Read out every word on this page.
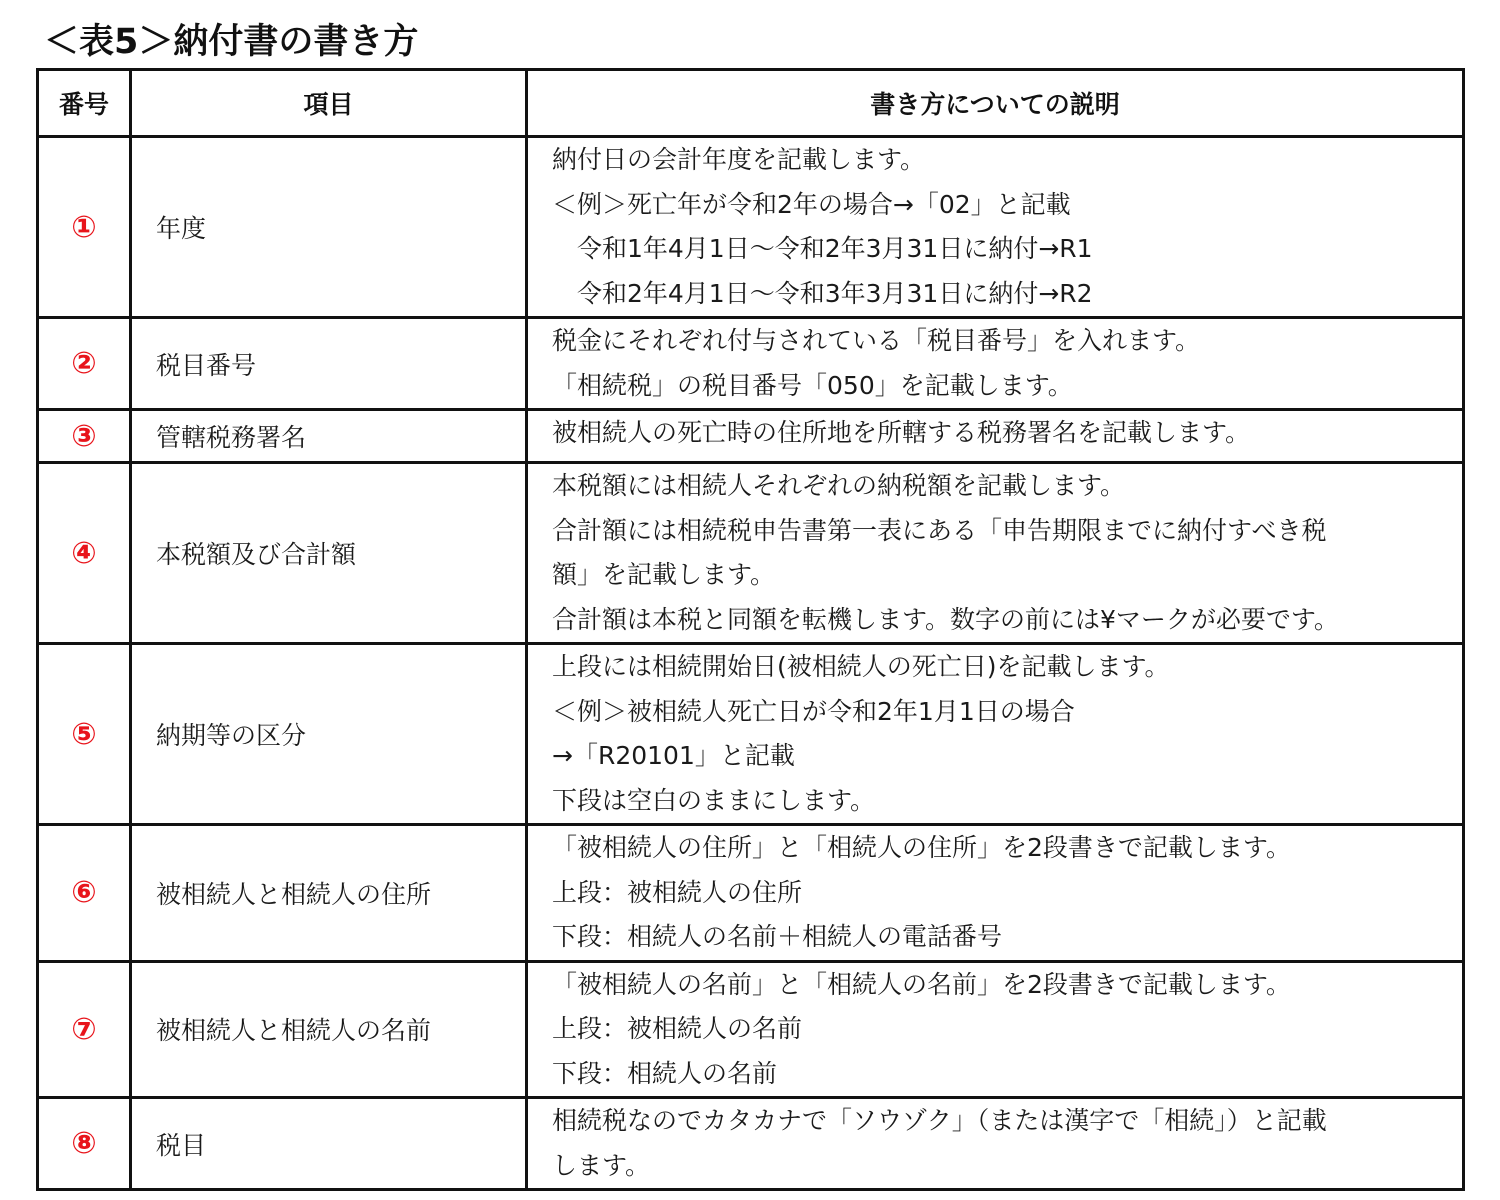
＜表5＞納付書の書き方
番号	項目	書き方についての説明
①	年度	納付日の会計年度を記載します。
＜例＞死亡年が令和2年の場合→「02」と記載
　令和1年4月1日～令和2年3月31日に納付→R1
　令和2年4月1日～令和3年3月31日に納付→R2

②	税目番号	税金にそれぞれ付与されている「税目番号」を入れます。
「相続税」の税目番号「050」を記載します。

③	管轄税務署名	被相続人の死亡時の住所地を所轄する税務署名を記載します。

④	本税額及び合計額	本税額には相続人それぞれの納税額を記載します。
合計額には相続税申告書第一表にある「申告期限までに納付すべき税
額」を記載します。
合計額は本税と同額を転機します。数字の前には¥マークが必要です。

⑤	納期等の区分	上段には相続開始日(被相続人の死亡日)を記載します。
＜例＞被相続人死亡日が令和2年1月1日の場合
→「R20101」と記載
下段は空白のままにします。

⑥	被相続人と相続人の住所	「被相続人の住所」と「相続人の住所」を2段書きで記載します。
上段：被相続人の住所
下段：相続人の名前＋相続人の電話番号

⑦	被相続人と相続人の名前	「被相続人の名前」と「相続人の名前」を2段書きで記載します。
上段：被相続人の名前
下段：相続人の名前

⑧	税目	相続税なのでカタカナで「ソウゾク」（または漢字で「相続」）と記載
します。
